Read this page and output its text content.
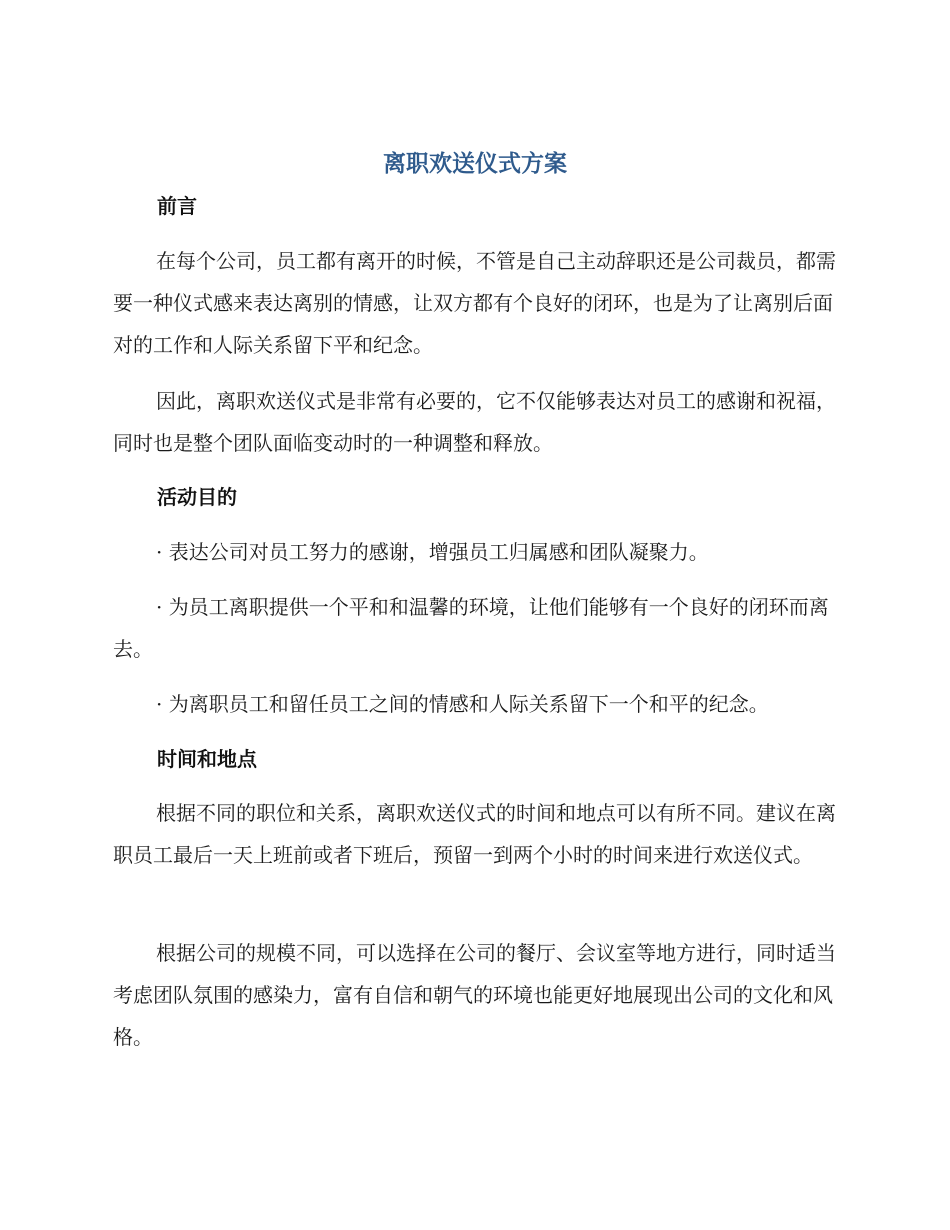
离职欢送仪式方案
前言

在每个公司，员工都有离开的时候，不管是自己主动辞职还是公司裁员，都需要一种仪式感来表达离别的情感，让双方都有个良好的闭环，也是为了让离别后面对的工作和人际关系留下平和纪念。

因此，离职欢送仪式是非常有必要的，它不仅能够表达对员工的感谢和祝福，同时也是整个团队面临变动时的一种调整和释放。

活动目的

· 表达公司对员工努力的感谢，增强员工归属感和团队凝聚力。

· 为员工离职提供一个平和和温馨的环境，让他们能够有一个良好的闭环而离去。

· 为离职员工和留任员工之间的情感和人际关系留下一个和平的纪念。

时间和地点

根据不同的职位和关系，离职欢送仪式的时间和地点可以有所不同。建议在离职员工最后一天上班前或者下班后，预留一到两个小时的时间来进行欢送仪式。

根据公司的规模不同，可以选择在公司的餐厅、会议室等地方进行，同时适当考虑团队氛围的感染力，富有自信和朝气的环境也能更好地展现出公司的文化和风格。
